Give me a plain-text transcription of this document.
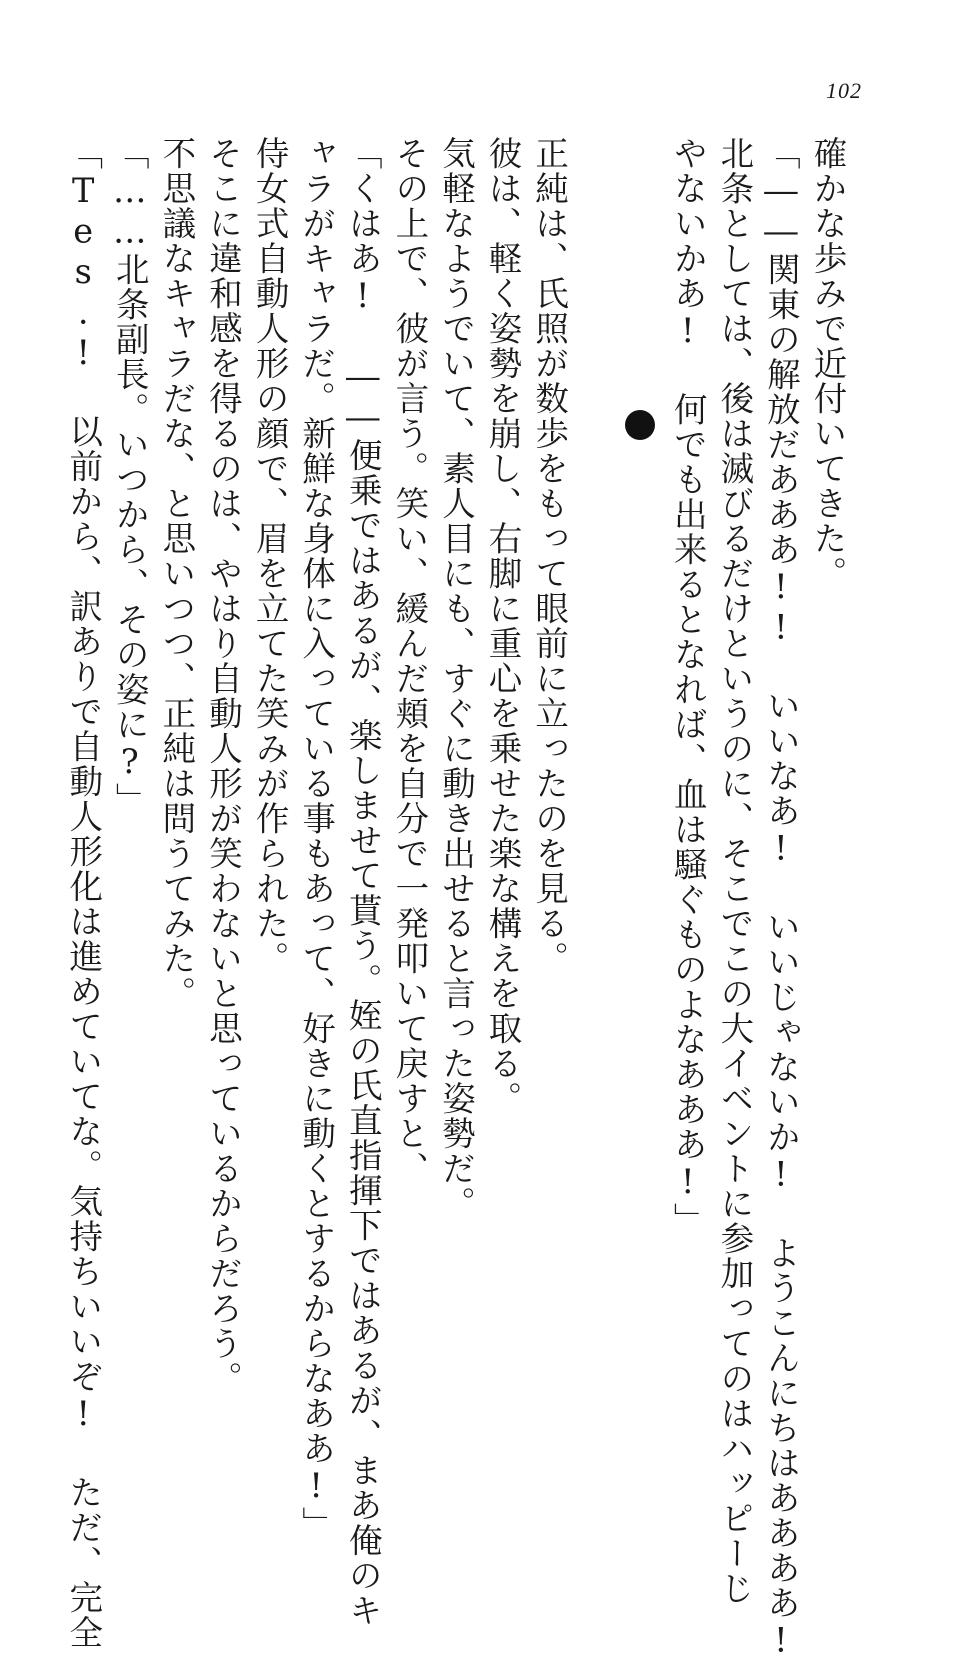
102
確かな歩みで近付いてきた。
「――関東の解放だあああ!! いいなあ! いいじゃないか! ようこんにちはああああ!
北条としては、後は滅びるだけというのに、そこでこの大イベントに参加ってのはハッピーじ
やないかあ! 何でも出来るとなれば、血は騒ぐものよなあああ!」
正純は、氏照が数歩をもって眼前に立ったのを見る。
彼は、軽く姿勢を崩し、右脚に重心を乗せた楽な構えを取る。
気軽なようでいて、素人目にも、すぐに動き出せると言った姿勢だ。
その上で、彼が言う。笑い、緩んだ頬を自分で一発叩いて戻すと、
「くはあ! ――便乗ではあるが、楽しませて貰う。姪の氏直指揮下ではあるが、まあ俺のキ
ャラがキャラだ。新鮮な身体に入っている事もあって、好きに動くとするからなああ!」
侍女式自動人形の顔で、眉を立てた笑みが作られた。
そこに違和感を得るのは、やはり自動人形が笑わないと思っているからだろう。
不思議なキャラだな、と思いつつ、正純は問うてみた。
「……北条副長。いつから、その姿に?」
「Tes.! 以前から、訳ありで自動人形化は進めていてな。気持ちいいぞ! ただ、完全
